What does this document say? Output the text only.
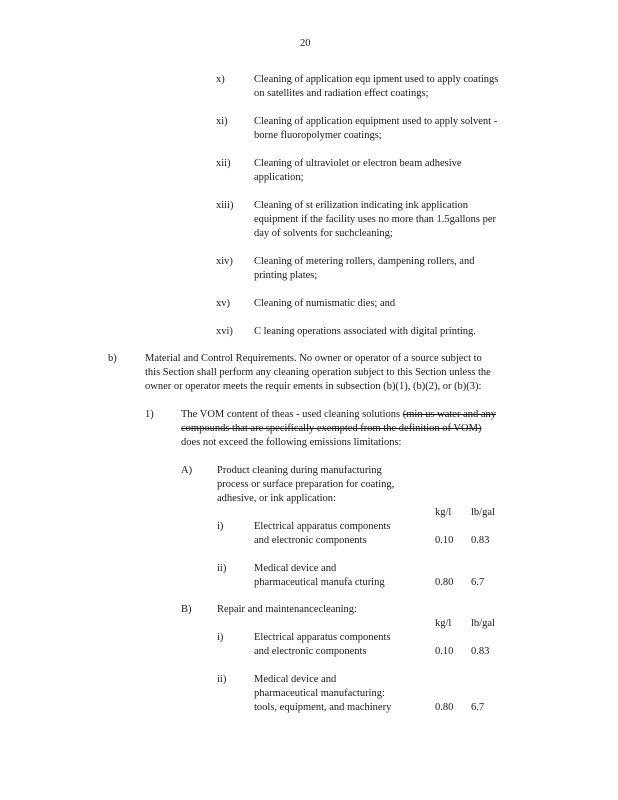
20
x)	Cleaning of application equ ipment used to apply coatings
on satellites and radiation effect coatings;
xi)	Cleaning of application equipment used to apply solvent -
borne fluoropolymer coatings;
xii) Cleaning of ultraviolet or electron beam adhesive
application;
xiii) Cleaning of st erilization indicating ink application
equipment if the facility uses no more than 1.5gallons per
day of solvents for suchcleaning;
xiv) Cleaning of metering rollers, dampening rollers, and
printing plates;
xv) Cleaning of numismatic dies; and
xvi) C leaning operations associated with digital printing.
b)	Material and Control Requirements. No owner or operator of a source subject to
this Section shall perform any cleaning operation subject to this Section unless the
owner or operator meets the requir ements in subsection (b)(1), (b)(2), or (b)(3):
1)	The VOM content of theas - used cleaning solutions (min us water and any
compounds that are specifically exempted from the definition of VOM)
does not exceed the following emissions limitations:
A) Product cleaning during manufacturing
process or surface preparation for coating,
adhesive, or ink application:
kg/l lb/gal
i)	Electrical apparatus components
and electronic components	0.10 0.83
ii)	Medical device and
pharmaceutical manufa cturing	0.80 6.7
B) Repair and maintenancecleaning:
kg/l lb/gal
i)	Electrical apparatus components
and electronic components	0.10 0.83
ii)	Medical device and
pharmaceutical manufacturing:
tools, equipment, and machinery	0.80 6.7
